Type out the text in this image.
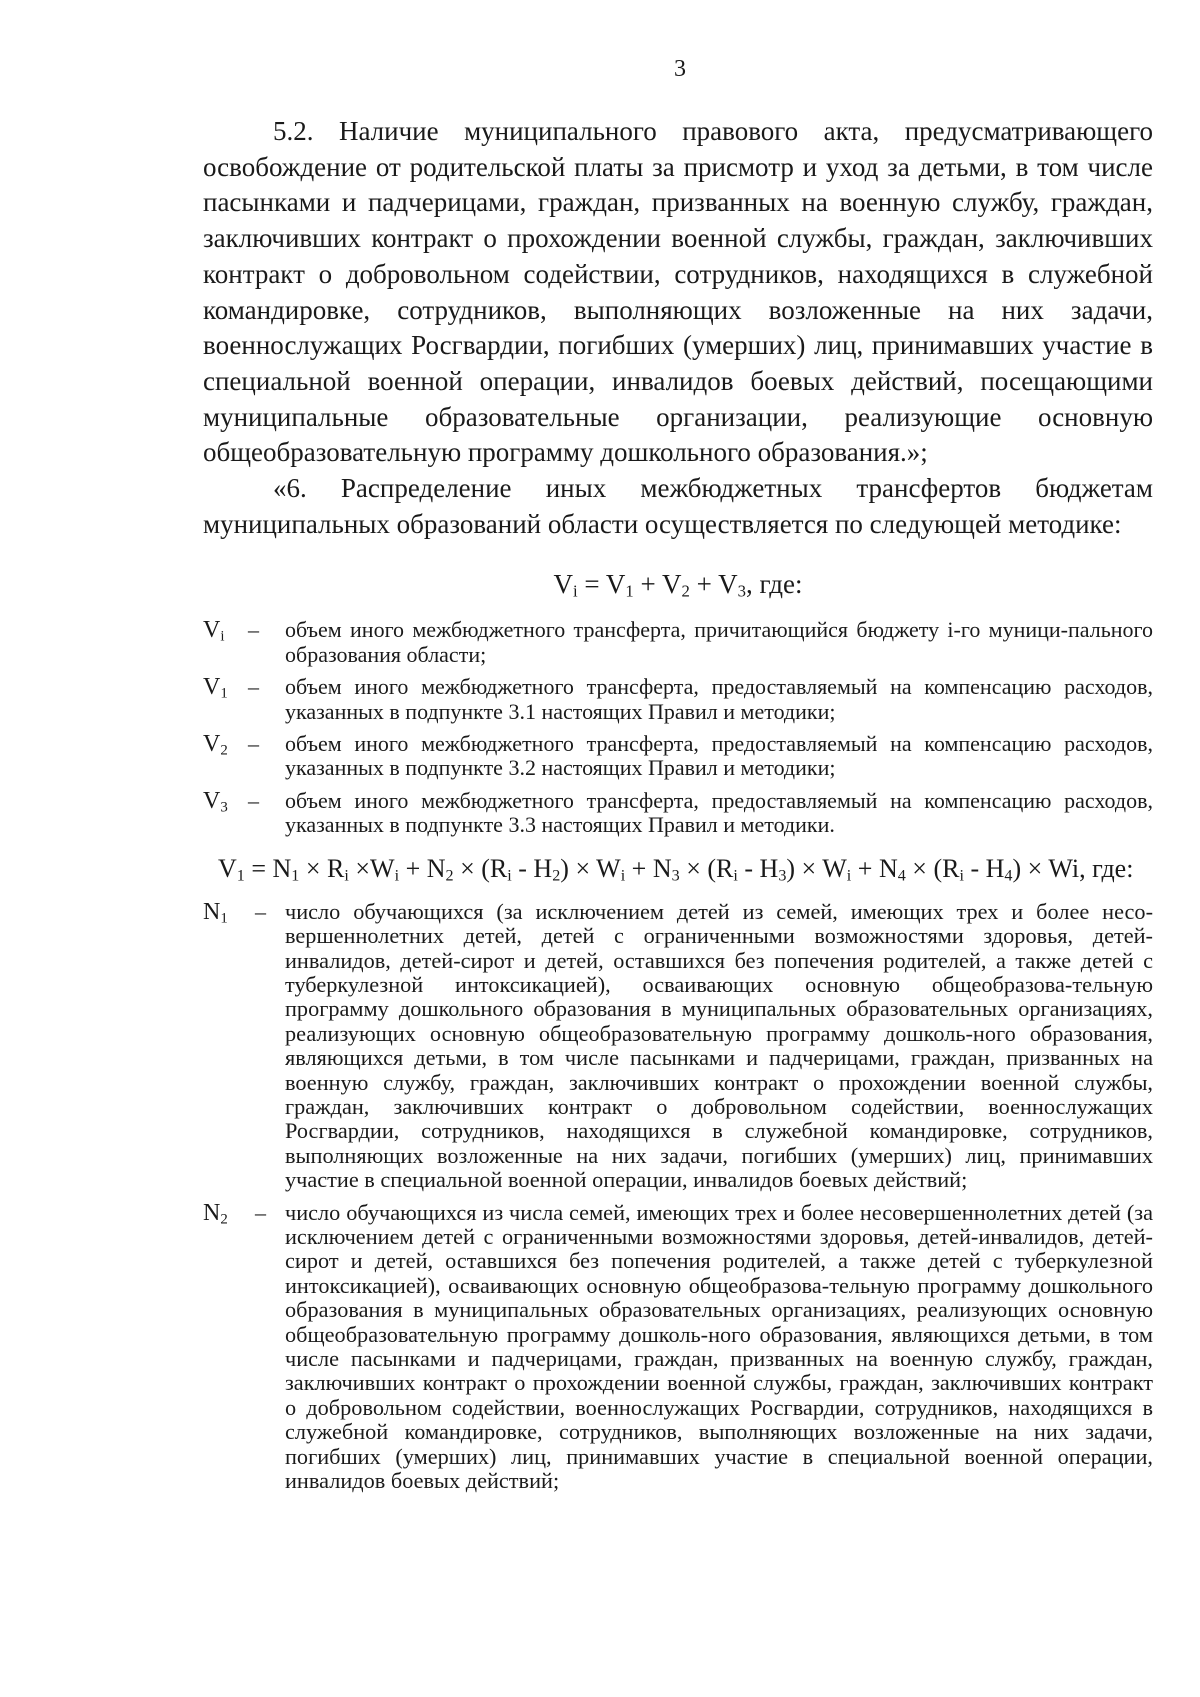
3

5.2. Наличие муниципального правового акта, предусматривающего освобождение от родительской платы за присмотр и уход за детьми, в том числе пасынками и падчерицами, граждан, призванных на военную службу, граждан, заключивших контракт о прохождении военной службы, граждан, заключивших контракт о добровольном содействии, сотрудников, находящихся в служебной командировке, сотрудников, выполняющих возложенные на них задачи, военнослужащих Росгвардии, погибших (умерших) лиц, принимавших участие в специальной военной операции, инвалидов боевых действий, посещающими муниципальные образовательные организации, реализующие основную общеобразовательную программу дошкольного образования.»;

«6. Распределение иных межбюджетных трансфертов бюджетам муниципальных образований области осуществляется по следующей методике:

$V_i = V_1 + V_2 + V_3$, где:
$V_i$ – объем иного межбюджетного трансферта, причитающийся бюджету i-го муници-пального образования области;
$V_1$ – объем иного межбюджетного трансферта, предоставляемый на компенсацию расходов, указанных в подпункте 3.1 настоящих Правил и методики;
$V_2$ – объем иного межбюджетного трансферта, предоставляемый на компенсацию расходов, указанных в подпункте 3.2 настоящих Правил и методики;
$V_3$ – объем иного межбюджетного трансферта, предоставляемый на компенсацию расходов, указанных в подпункте 3.3 настоящих Правил и методики.
$V_1 = N_1 \times R_i \times W_i + N_2 \times (R_i - H_2) \times W_i + N_3 \times (R_i - H_3) \times W_i + N_4 \times (R_i - H_4) \times Wi$, где:
$N_1$ – число обучающихся (за исключением детей из семей, имеющих трех и более несо-вершеннолетних детей, детей с ограниченными возможностями здоровья, детей-инвалидов, детей-сирот и детей, оставшихся без попечения родителей, а также детей с туберкулезной интоксикацией), осваивающих основную общеобразова-тельную программу дошкольного образования в муниципальных образовательных организациях, реализующих основную общеобразовательную программу дошколь-ного образования, являющихся детьми, в том числе пасынками и падчерицами, граждан, призванных на военную службу, граждан, заключивших контракт о прохождении военной службы, граждан, заключивших контракт о добровольном содействии, военнослужащих Росгвардии, сотрудников, находящихся в служебной командировке, сотрудников, выполняющих возложенные на них задачи, погибших (умерших) лиц, принимавших участие в специальной военной операции, инвалидов боевых действий;
$N_2$ – число обучающихся из числа семей, имеющих трех и более несовершеннолетних детей (за исключением детей с ограниченными возможностями здоровья, детей-инвалидов, детей-сирот и детей, оставшихся без попечения родителей, а также детей с туберкулезной интоксикацией), осваивающих основную общеобразова-тельную программу дошкольного образования в муниципальных образовательных организациях, реализующих основную общеобразовательную программу дошколь-ного образования, являющихся детьми, в том числе пасынками и падчерицами, граждан, призванных на военную службу, граждан, заключивших контракт о прохождении военной службы, граждан, заключивших контракт о добровольном содействии, военнослужащих Росгвардии, сотрудников, находящихся в служебной командировке, сотрудников, выполняющих возложенные на них задачи, погибших (умерших) лиц, принимавших участие в специальной военной операции, инвалидов боевых действий;
